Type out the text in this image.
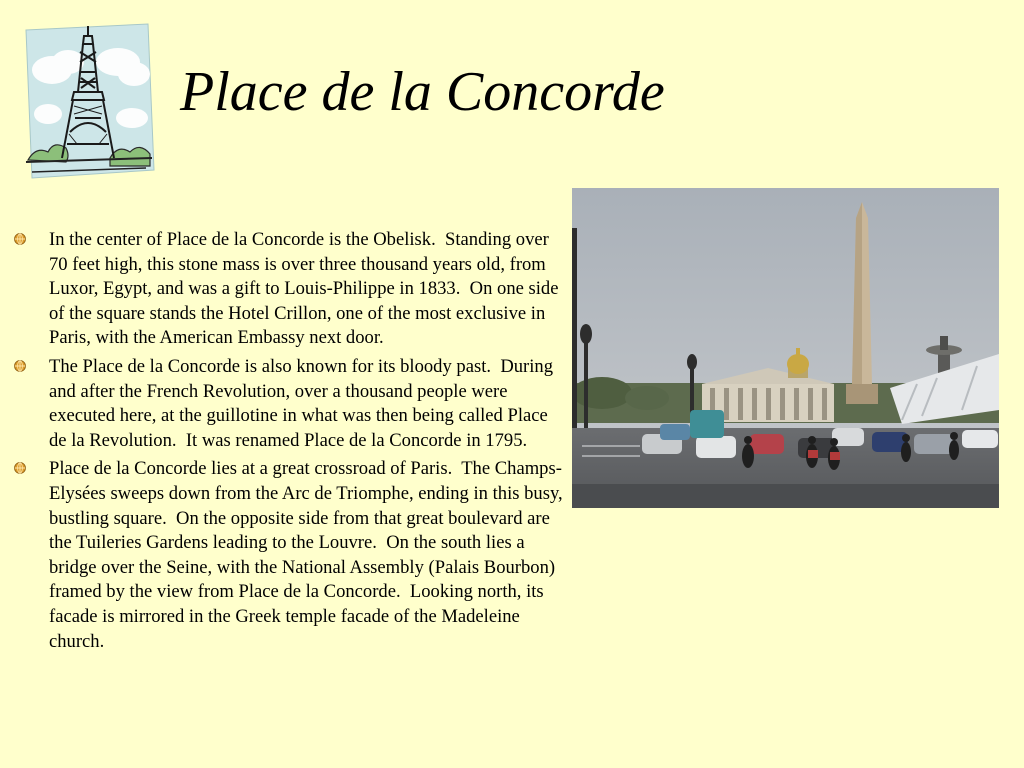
Place de la Concorde
In the center of Place de la Concorde is the Obelisk.  Standing over 70 feet high, this stone mass is over three thousand years old, from Luxor, Egypt, and was a gift to Louis-Philippe in 1833.  On one side of the square stands the Hotel Crillon, one of the most exclusive in Paris, with the American Embassy next door.
The Place de la Concorde is also known for its bloody past.  During and after the French Revolution, over a thousand people were executed here, at the guillotine in what was then being called Place de la Revolution.  It was renamed Place de la Concorde in 1795.
Place de la Concorde lies at a great crossroad of Paris.  The Champs-Elysées sweeps down from the Arc de Triomphe, ending in this busy, bustling square.  On the opposite side from that great boulevard are the Tuileries Gardens leading to the Louvre.  On the south lies a bridge over the Seine, with the National Assembly (Palais Bourbon) framed by the view from Place de la Concorde.  Looking north, its facade is mirrored in the Greek temple facade of the Madeleine church.
